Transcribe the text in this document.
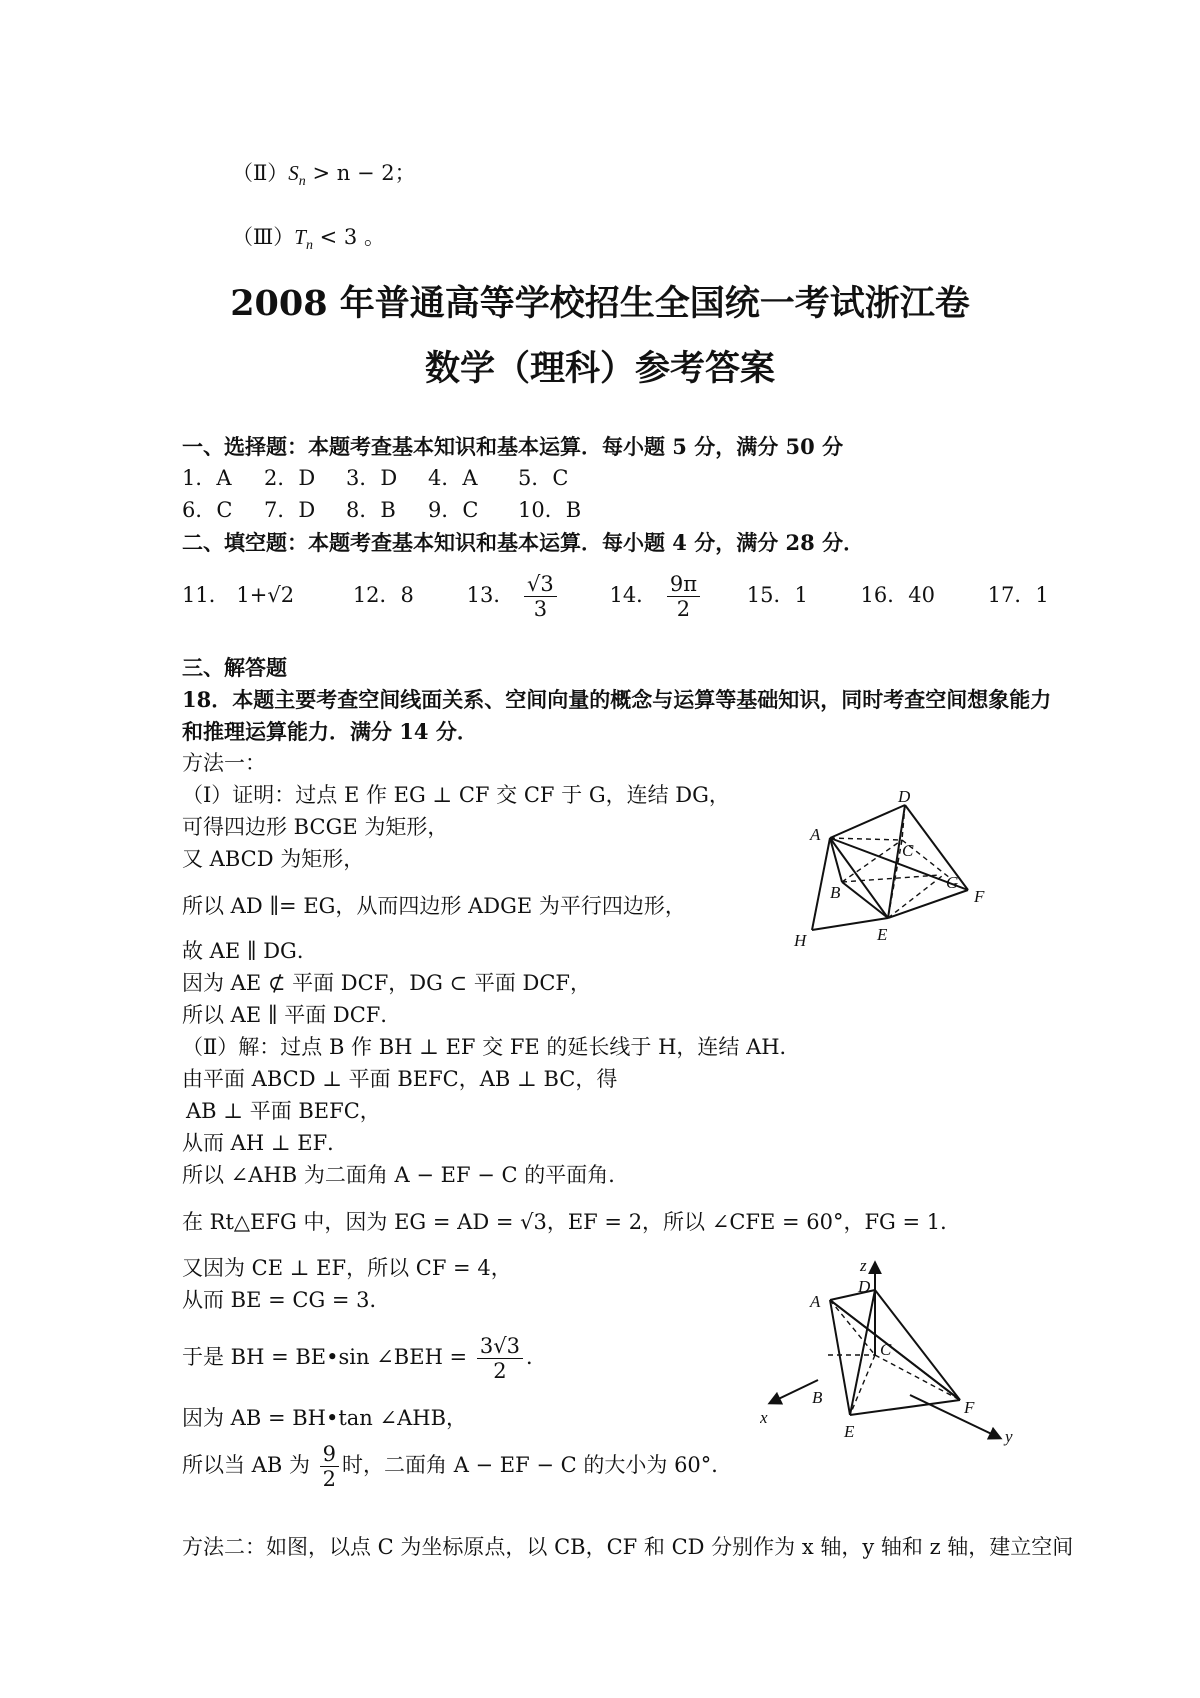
$(Ⅱ)S_n > n - 2$；
$(Ⅲ)T_n < 3$ 。
2008 年普通高等学校招生全国统一考试浙江卷
数学（理科）参考答案
一、选择题：本题考查基本知识和基本运算．每小题 5 分，满分 50 分
1．A 2．D 3．D 4．A 5．C
6．C 7．D 8．B 9．C 10．B
二、填空题：本题考查基本知识和基本运算．每小题 4 分，满分 28 分．
11． 1+√2	12．8	13． $\frac{√3}{3}$	14． $\frac{9\pi}{2} 15$．1	16．40	17．1
三、解答题
18．本题主要考查空间线面关系、空间向量的概念与运算等基础知识，同时考查空间想象能力
和推理运算能力．满分 14 分．
方法一：
（Ⅰ）证明：过点 E 作 EG ⊥ CF 交 CF 于 G，连结 DG，
可得四边形 BCGE 为矩形，
又 ABCD 为矩形，
所以 AD ∥= EG，从而四边形 ADGE 为平行四边形，
故 AE ∥ DG．
因为 AE ⊄ 平面 DCF，DG ⊂ 平面 DCF，
所以 AE ∥ 平面 DCF．
（Ⅱ）解：过点 B 作 BH ⊥ EF 交 FE 的延长线于 H，连结 AH．
由平面 ABCD ⊥ 平面 BEFC，AB ⊥ BC，得
AB ⊥ 平面 BEFC，
从而 AH ⊥ EF．
所以 ∠AHB 为二面角 A − EF − C 的平面角．
在 Rt△EFG 中，因为 EG = AD = √3，EF = 2，所以 ∠CFE = 60°，FG = 1．
又因为 CE ⊥ EF，所以 CF = 4，
从而 BE = CG = 3．
于是 BH = BE•sin ∠BEH = $\frac{3√3}{2}$ ．
因为 AB = BH•tan ∠AHB，
所以当 AB 为 $\frac{9}{2}$ 时，二面角 A − EF − C 的大小为 60°．
方法二：如图，以点 C 为坐标原点，以 CB，CF 和 CD 分别作为 x 轴，y 轴和 z 轴，建立空间
D
A
C
B
G
F
H	E
z
D
A
C
x
B
F
E	y
